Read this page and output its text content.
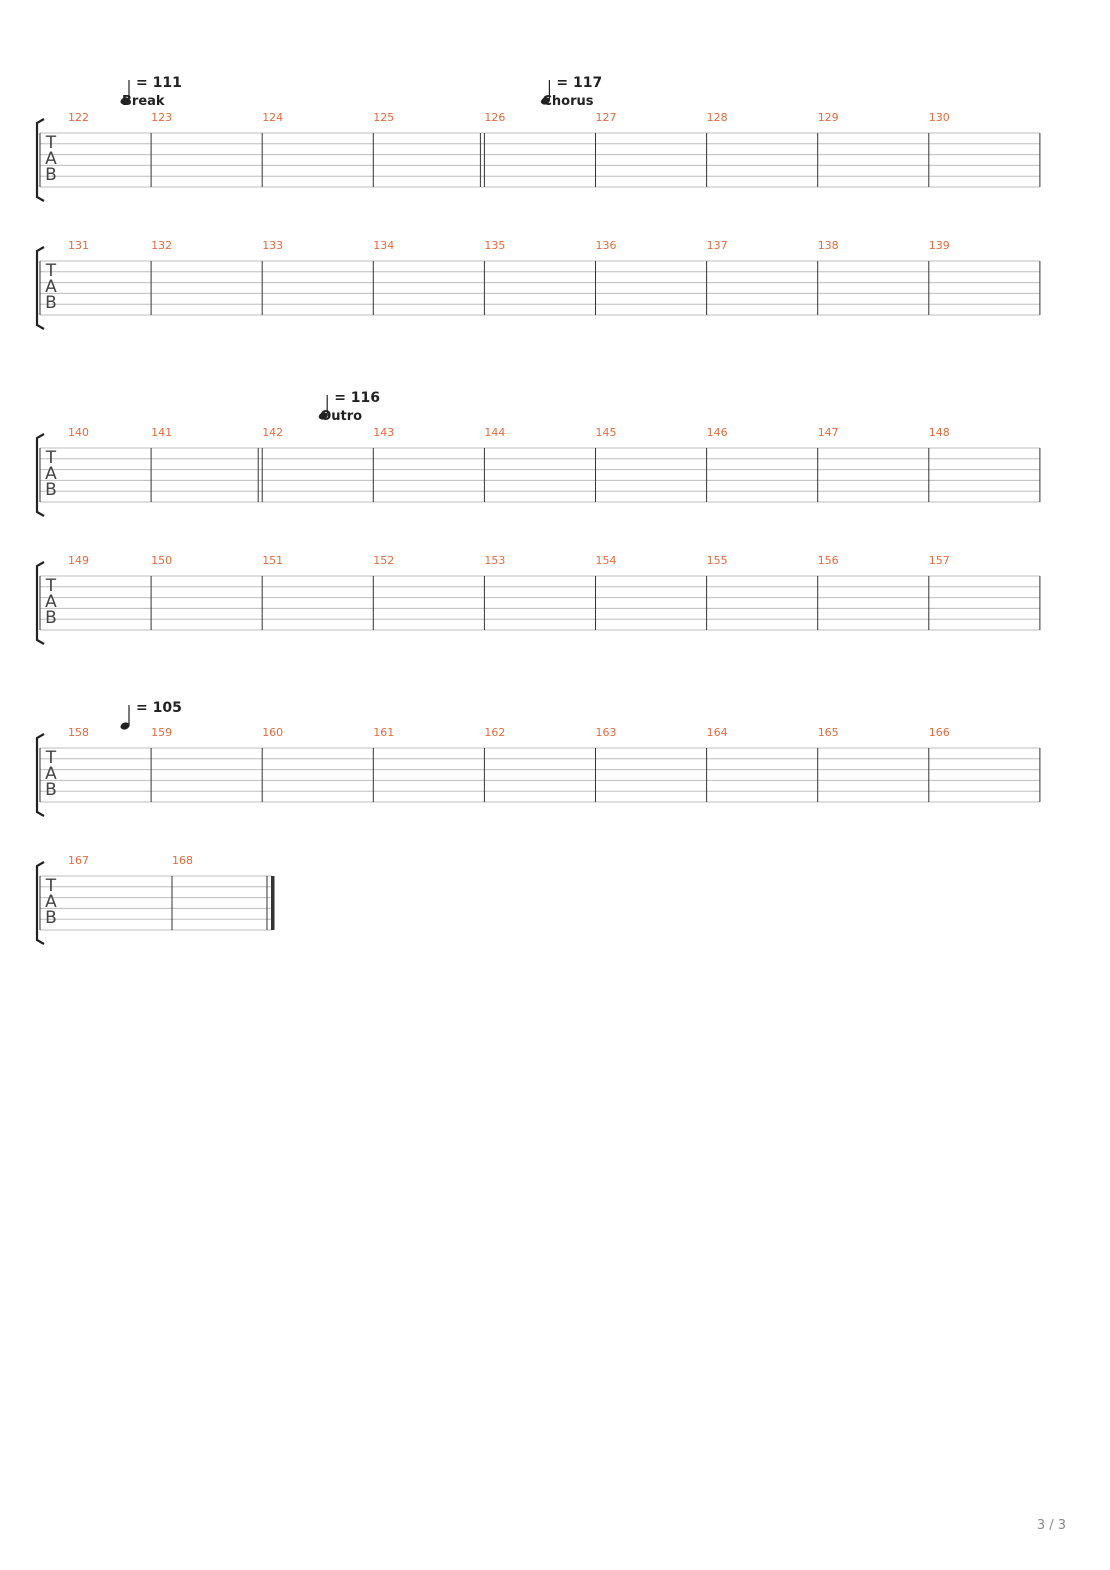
T
A
B
122	123	124	125	126	127	128	129	130
= 111
Break
= 117
Chorus
T
A
B
131	132	133	134	135	136	137	138	139
T
A
B
140	141	142	143	144	145	146	147	148
= 116
Outro
T
A
B
149	150	151	152	153	154	155	156	157
T
A
B
158	159	160	161	162	163	164	165	166
= 105
T
A
B
167	168
3 / 3
